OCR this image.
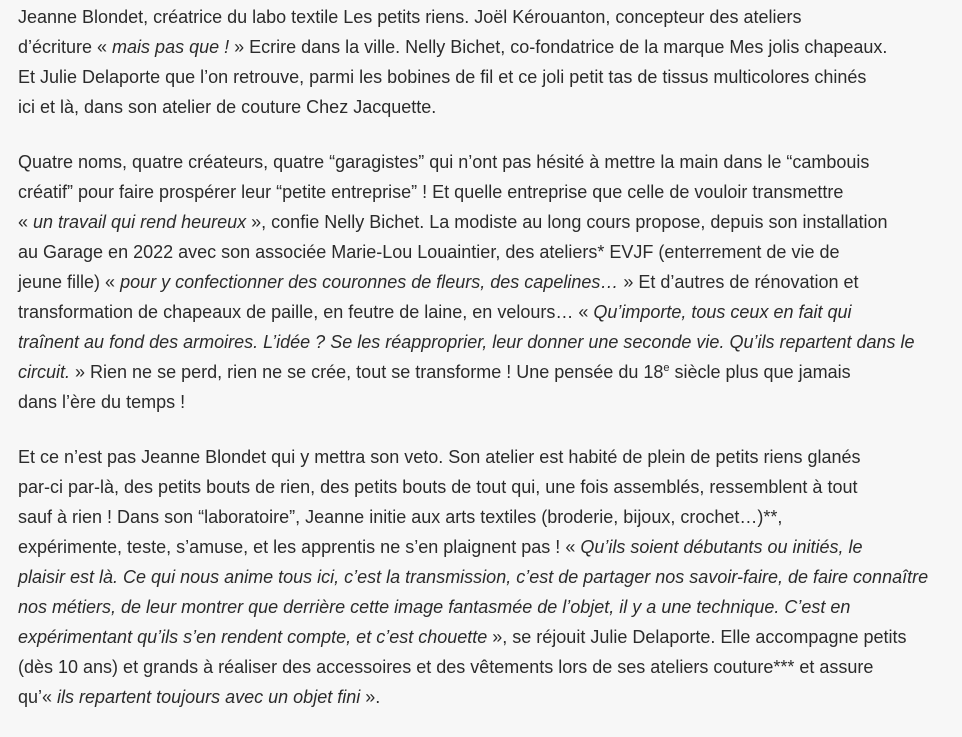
Jeanne Blondet, créatrice du labo textile Les petits riens. Joël Kérouanton, concepteur des ateliers
d’écriture « mais pas que ! » Ecrire dans la ville. Nelly Bichet, co-fondatrice de la marque Mes jolis chapeaux.
Et Julie Delaporte que l’on retrouve, parmi les bobines de fil et ce joli petit tas de tissus multicolores chinés
ici et là, dans son atelier de couture Chez Jacquette.

Quatre noms, quatre créateurs, quatre “garagistes” qui n’ont pas hésité à mettre la main dans le “cambouis
créatif” pour faire prospérer leur “petite entreprise” ! Et quelle entreprise que celle de vouloir transmettre
« un travail qui rend heureux », confie Nelly Bichet. La modiste au long cours propose, depuis son installation
au Garage en 2022 avec son associée Marie-Lou Louaintier, des ateliers* EVJF (enterrement de vie de
jeune fille) « pour y confectionner des couronnes de fleurs, des capelines… » Et d’autres de rénovation et
transformation de chapeaux de paille, en feutre de laine, en velours… « Qu’importe, tous ceux en fait qui
traînent au fond des armoires. L’idée ? Se les réapproprier, leur donner une seconde vie. Qu’ils repartent dans le
circuit. » Rien ne se perd, rien ne se crée, tout se transforme ! Une pensée du 18e siècle plus que jamais
dans l’ère du temps !

Et ce n’est pas Jeanne Blondet qui y mettra son veto. Son atelier est habité de plein de petits riens glanés
par-ci par-là, des petits bouts de rien, des petits bouts de tout qui, une fois assemblés, ressemblent à tout
sauf à rien ! Dans son “laboratoire”, Jeanne initie aux arts textiles (broderie, bijoux, crochet…)**,
expérimente, teste, s’amuse, et les apprentis ne s’en plaignent pas ! « Qu’ils soient débutants ou initiés, le
plaisir est là. Ce qui nous anime tous ici, c’est la transmission, c’est de partager nos savoir-faire, de faire connaître
nos métiers, de leur montrer que derrière cette image fantasmée de l’objet, il y a une technique. C’est en
expérimentant qu’ils s’en rendent compte, et c’est chouette », se réjouit Julie Delaporte. Elle accompagne petits
(dès 10 ans) et grands à réaliser des accessoires et des vêtements lors de ses ateliers couture*** et assure
qu’« ils repartent toujours avec un objet fini ».
